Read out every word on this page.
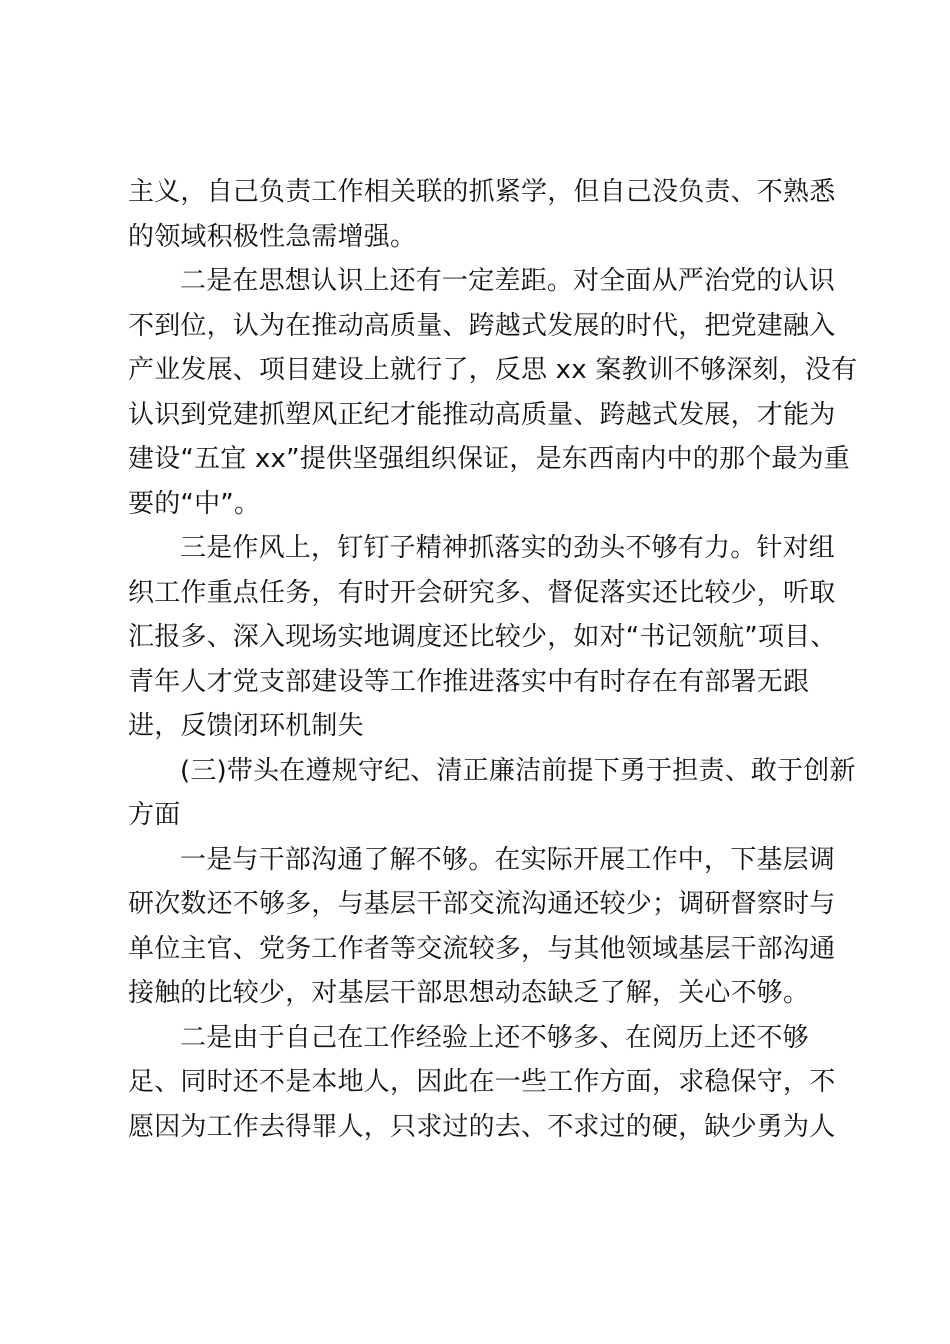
主义，自己负责工作相关联的抓紧学，但自己没负责、不熟悉
的领域积极性急需增强。
二是在思想认识上还有一定差距。对全面从严治党的认识
不到位，认为在推动高质量、跨越式发展的时代，把党建融入
产业发展、项目建设上就行了，反思 xx 案教训不够深刻，没有
认识到党建抓塑风正纪才能推动高质量、跨越式发展，才能为
建设“五宜 xx”提供坚强组织保证，是东西南内中的那个最为重
要的“中”。
三是作风上，钉钉子精神抓落实的劲头不够有力。针对组
织工作重点任务，有时开会研究多、督促落实还比较少，听取
汇报多、深入现场实地调度还比较少，如对“书记领航”项目、
青年人才党支部建设等工作推进落实中有时存在有部署无跟
进，反馈闭环机制失
(三)带头在遵规守纪、清正廉洁前提下勇于担责、敢于创新
方面
一是与干部沟通了解不够。在实际开展工作中，下基层调
研次数还不够多，与基层干部交流沟通还较少；调研督察时与
单位主官、党务工作者等交流较多，与其他领域基层干部沟通
接触的比较少，对基层干部思想动态缺乏了解，关心不够。
二是由于自己在工作经验上还不够多、在阅历上还不够
足、同时还不是本地人，因此在一些工作方面，求稳保守，不
愿因为工作去得罪人，只求过的去、不求过的硬，缺少勇为人
